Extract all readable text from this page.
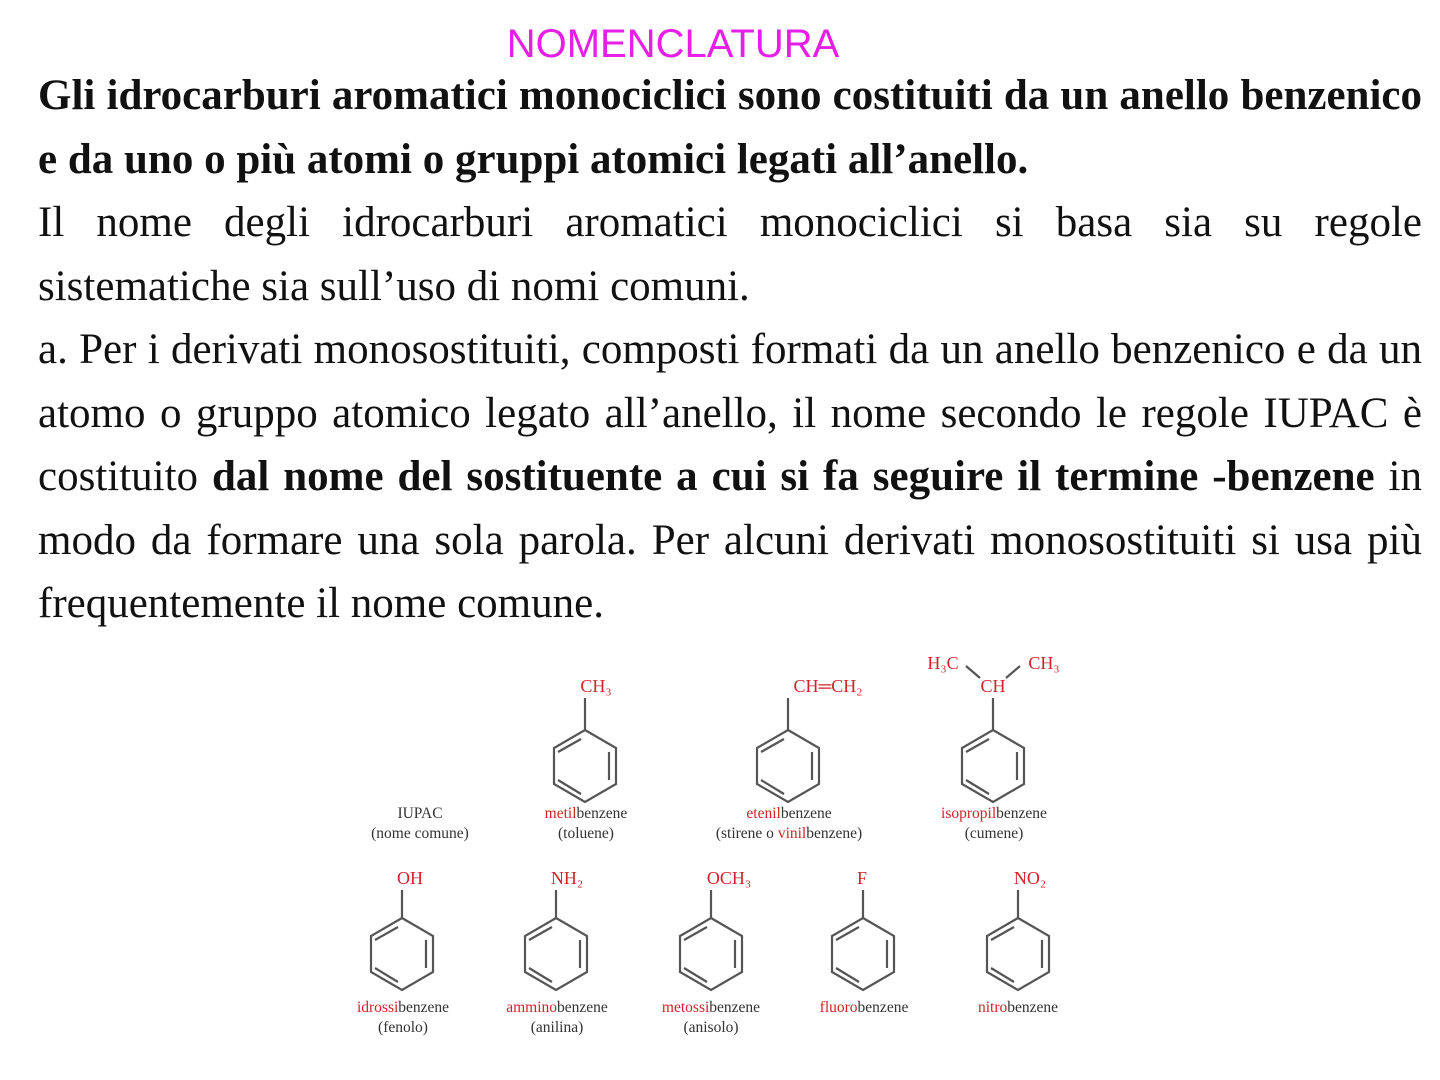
NOMENCLATURA

Gli idrocarburi aromatici monociclici sono costituiti da un anello benzenico e da uno o più atomi o gruppi atomici legati all’anello.

Il nome degli idrocarburi aromatici monociclici si basa sia su regole sistematiche sia sull’uso di nomi comuni.

a. Per i derivati monosostituiti, composti formati da un anello benzenico e da un atomo o gruppo atomico legato all’anello, il nome secondo le regole IUPAC è costituito dal nome del sostituente a cui si fa seguire il termine -benzene in modo da formare una sola parola. Per alcuni derivati monosostituiti si usa più frequentemente il nome comune.

CH₃	CH═CH₂
H₃C	CH₃
CH
IUPAC
(nome comune)
metilbenzene
(toluene)
etenilbenzene
(stirene o vinilbenzene)
isopropilbenzene
(cumene)
OH	NH₂	OCH₃	F	NO₂
idrossibenzene
(fenolo)
amminobenzene
(anilina)
metossibenzene
(anisolo)
fluorobenzene	nitrobenzene
